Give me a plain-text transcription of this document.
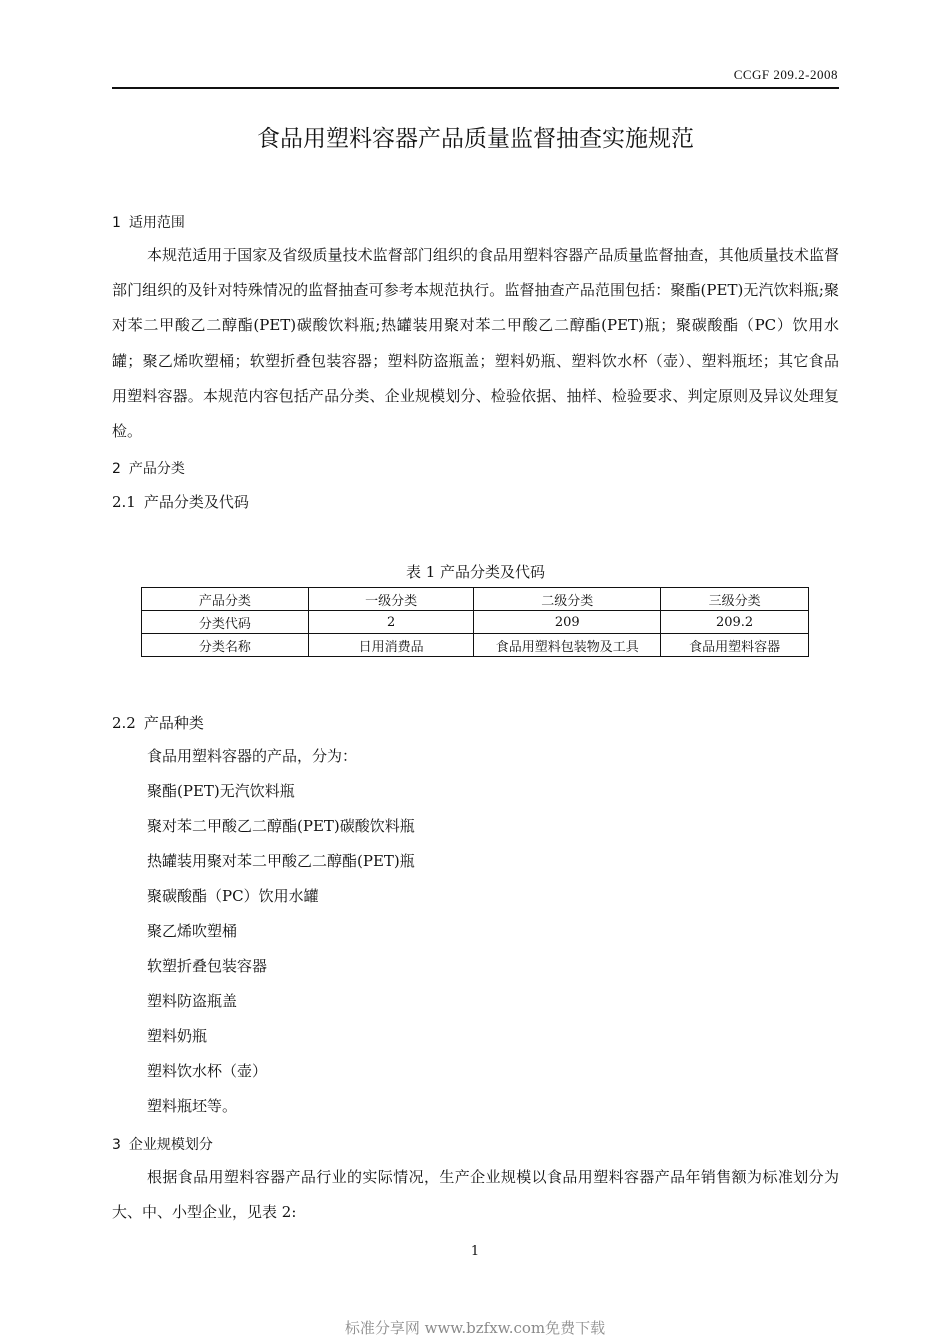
CCGF 209.2-2008
食品用塑料容器产品质量监督抽查实施规范
1 适用范围

本规范适用于国家及省级质量技术监督部门组织的食品用塑料容器产品质量监督抽查，其他质量技术监督部门组织的及针对特殊情况的监督抽查可参考本规范执行。监督抽查产品范围包括：聚酯(PET)无汽饮料瓶;聚对苯二甲酸乙二醇酯(PET)碳酸饮料瓶;热罐装用聚对苯二甲酸乙二醇酯(PET)瓶；聚碳酸酯（PC）饮用水罐；聚乙烯吹塑桶；软塑折叠包装容器；塑料防盗瓶盖；塑料奶瓶、塑料饮水杯（壶）、塑料瓶坯；其它食品用塑料容器。本规范内容包括产品分类、企业规模划分、检验依据、抽样、检验要求、判定原则及异议处理复检。

2 产品分类
2.1 产品分类及代码
表 1 产品分类及代码
产品分类	一级分类	二级分类	三级分类
分类代码	2	209	209.2
分类名称	日用消费品	食品用塑料包装物及工具	食品用塑料容器
2.2 产品种类
食品用塑料容器的产品，分为：
聚酯(PET)无汽饮料瓶
聚对苯二甲酸乙二醇酯(PET)碳酸饮料瓶
热罐装用聚对苯二甲酸乙二醇酯(PET)瓶
聚碳酸酯（PC）饮用水罐
聚乙烯吹塑桶
软塑折叠包装容器
塑料防盗瓶盖
塑料奶瓶
塑料饮水杯（壶）
塑料瓶坯等。
3 企业规模划分

根据食品用塑料容器产品行业的实际情况，生产企业规模以食品用塑料容器产品年销售额为标准划分为大、中、小型企业，见表 2:

1
标准分享网 www.bzfxw.com免费下载
